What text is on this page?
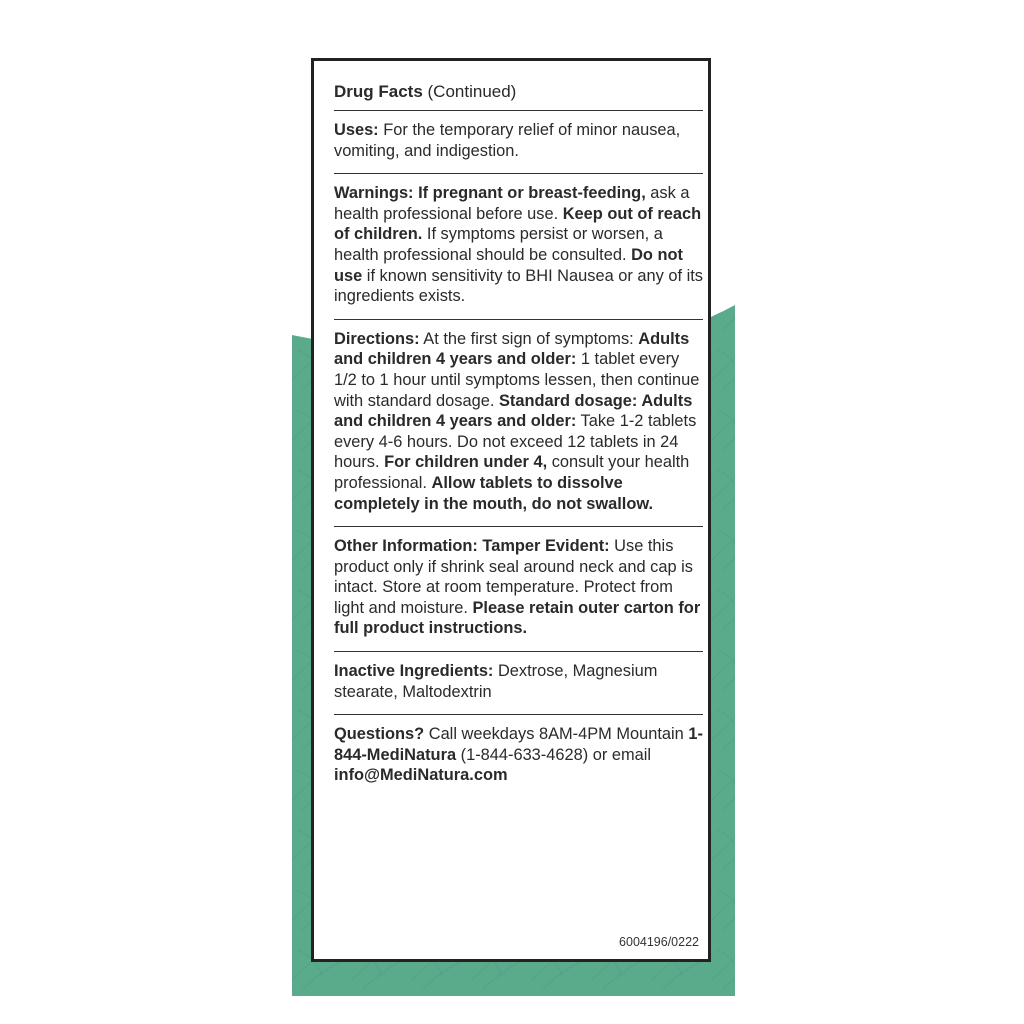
Drug Facts (Continued)
Uses: For the temporary relief of minor nausea, vomiting, and indigestion.
Warnings: If pregnant or breast-feeding, ask a health professional before use. Keep out of reach of children. If symptoms persist or worsen, a health professional should be consulted. Do not use if known sensitivity to BHI Nausea or any of its ingredients exists.
Directions: At the first sign of symptoms: Adults and children 4 years and older: 1 tablet every 1/2 to 1 hour until symptoms lessen, then continue with standard dosage. Standard dosage: Adults and children 4 years and older: Take 1-2 tablets every 4-6 hours. Do not exceed 12 tablets in 24 hours. For children under 4, consult your health professional. Allow tablets to dissolve completely in the mouth, do not swallow.
Other Information: Tamper Evident: Use this product only if shrink seal around neck and cap is intact. Store at room temperature. Protect from light and moisture. Please retain outer carton for full product instructions.
Inactive Ingredients: Dextrose, Magnesium stearate, Maltodextrin
Questions? Call weekdays 8AM-4PM Mountain 1-844-MediNatura (1-844-633-4628) or email info@MediNatura.com
6004196/0222
